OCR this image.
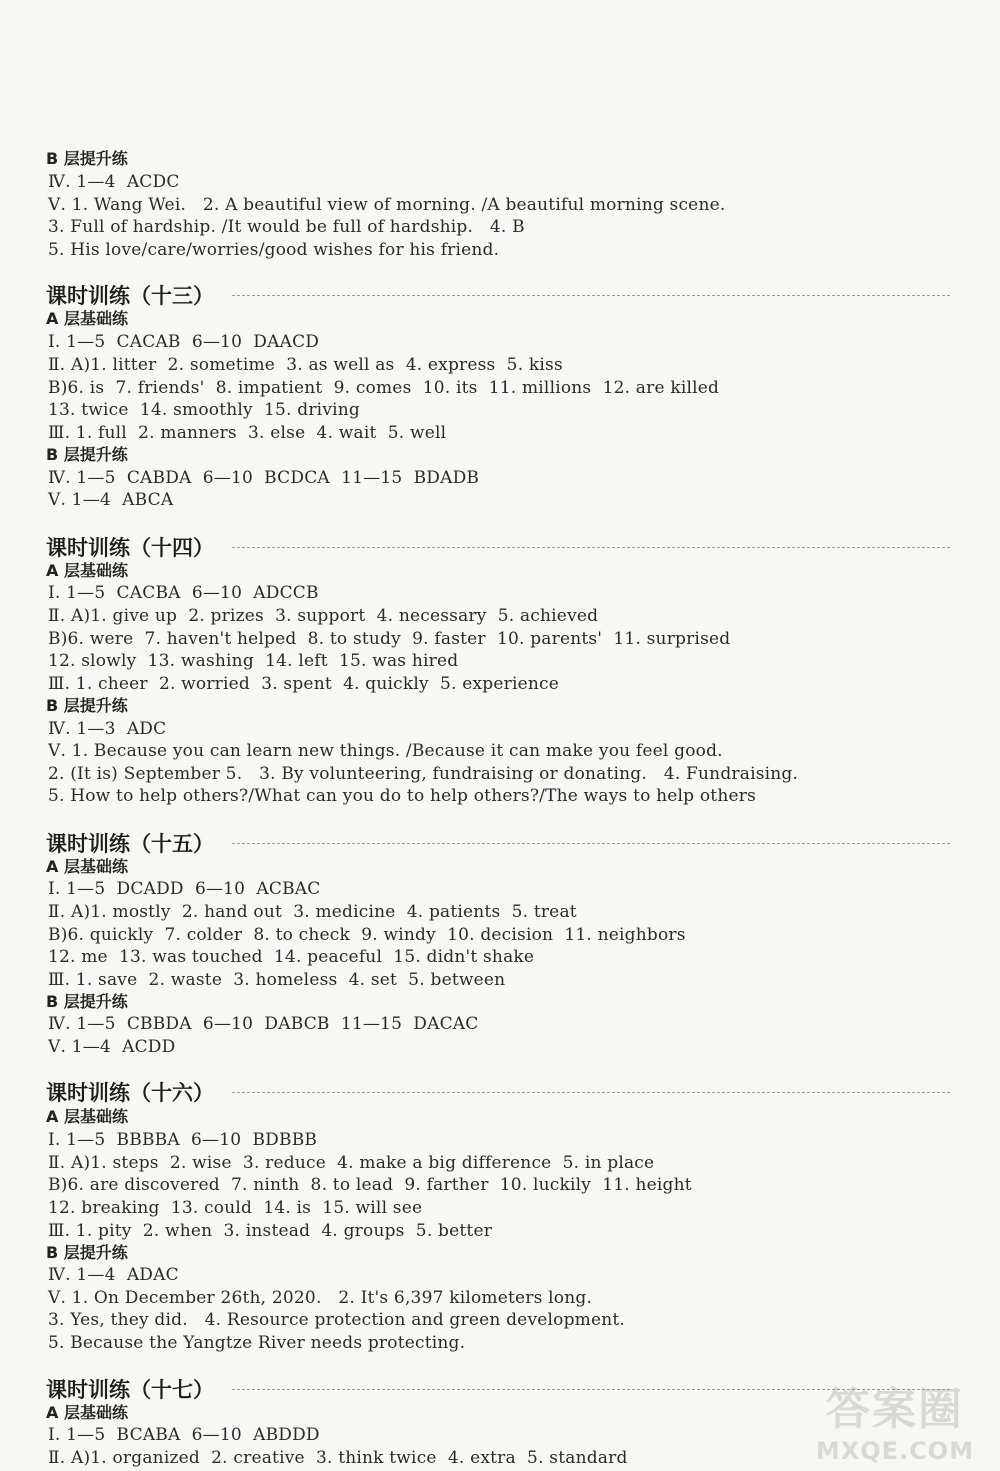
B 层提升练
Ⅳ. 1—4  ACDC
Ⅴ. 1. Wang Wei.   2. A beautiful view of morning. /A beautiful morning scene.
3. Full of hardship. /It would be full of hardship.   4. B
5. His love/care/worries/good wishes for his friend.
课时训练（十三）
A 层基础练
Ⅰ. 1—5  CACAB  6—10  DAACD
Ⅱ. A)1. litter  2. sometime  3. as well as  4. express  5. kiss
B)6. is  7. friends'  8. impatient  9. comes  10. its  11. millions  12. are killed
13. twice  14. smoothly  15. driving
Ⅲ. 1. full  2. manners  3. else  4. wait  5. well
B 层提升练
Ⅳ. 1—5  CABDA  6—10  BCDCA  11—15  BDADB
Ⅴ. 1—4  ABCA
课时训练（十四）
A 层基础练
Ⅰ. 1—5  CACBA  6—10  ADCCB
Ⅱ. A)1. give up  2. prizes  3. support  4. necessary  5. achieved
B)6. were  7. haven't helped  8. to study  9. faster  10. parents'  11. surprised
12. slowly  13. washing  14. left  15. was hired
Ⅲ. 1. cheer  2. worried  3. spent  4. quickly  5. experience
B 层提升练
Ⅳ. 1—3  ADC
Ⅴ. 1. Because you can learn new things. /Because it can make you feel good.
2. (It is) September 5.   3. By volunteering, fundraising or donating.   4. Fundraising.
5. How to help others?/What can you do to help others?/The ways to help others
课时训练（十五）
A 层基础练
Ⅰ. 1—5  DCADD  6—10  ACBAC
Ⅱ. A)1. mostly  2. hand out  3. medicine  4. patients  5. treat
B)6. quickly  7. colder  8. to check  9. windy  10. decision  11. neighbors
12. me  13. was touched  14. peaceful  15. didn't shake
Ⅲ. 1. save  2. waste  3. homeless  4. set  5. between
B 层提升练
Ⅳ. 1—5  CBBDA  6—10  DABCB  11—15  DACAC
Ⅴ. 1—4  ACDD
课时训练（十六）
A 层基础练
Ⅰ. 1—5  BBBBA  6—10  BDBBB
Ⅱ. A)1. steps  2. wise  3. reduce  4. make a big difference  5. in place
B)6. are discovered  7. ninth  8. to lead  9. farther  10. luckily  11. height
12. breaking  13. could  14. is  15. will see
Ⅲ. 1. pity  2. when  3. instead  4. groups  5. better
B 层提升练
Ⅳ. 1—4  ADAC
Ⅴ. 1. On December 26th, 2020.   2. It's 6,397 kilometers long.
3. Yes, they did.   4. Resource protection and green development.
5. Because the Yangtze River needs protecting.
课时训练（十七）
A 层基础练
Ⅰ. 1—5  BCABA  6—10  ABDDD
Ⅱ. A)1. organized  2. creative  3. think twice  4. extra  5. standard
答案圈
MXQE.COM
